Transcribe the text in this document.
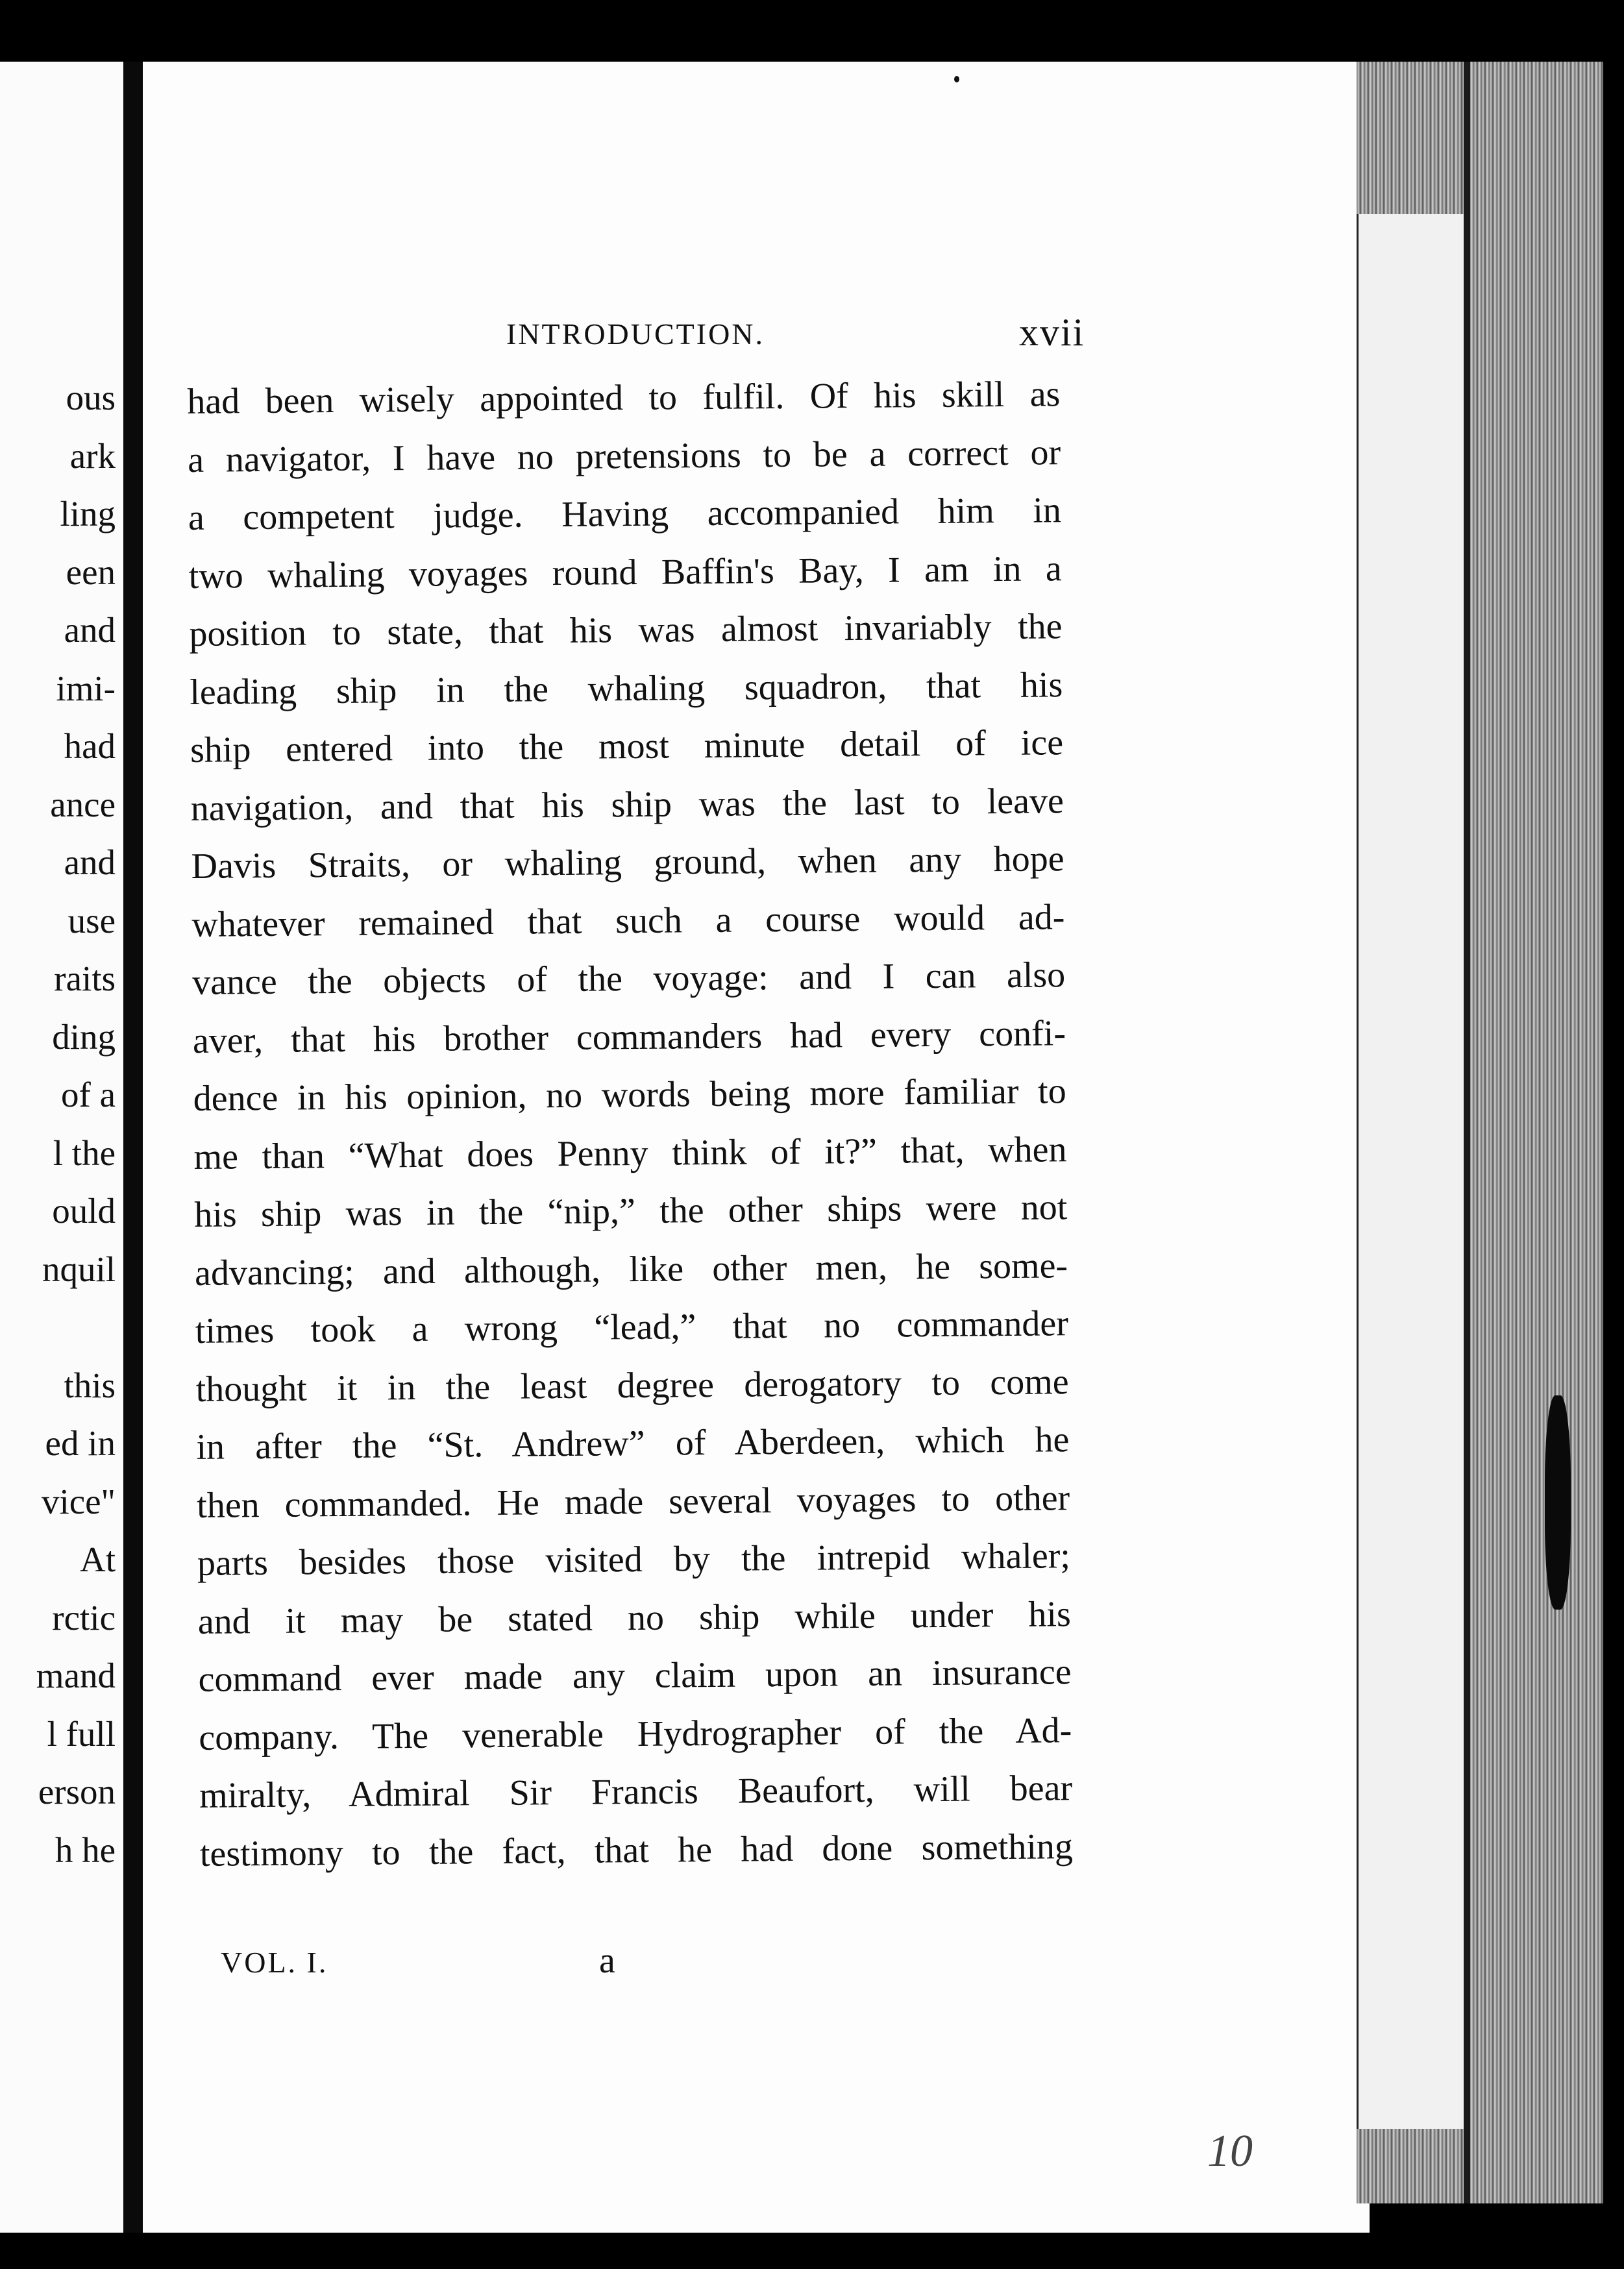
ous
ark
ling
een
and
imi-
had
ance
and
use
raits
ding
of a
l the
ould
nquil
this
ed in
vice"
At
rctic
mand
l full
erson
h he
INTRODUCTION.	xvii
had been wisely appointed to fulfil. Of his skill as
a navigator, I have no pretensions to be a correct or
a competent judge. Having accompanied him in
two whaling voyages round Baffin's Bay, I am in a
position to state, that his was almost invariably the
leading ship in the whaling squadron, that his
ship entered into the most minute detail of ice
navigation, and that his ship was the last to leave
Davis Straits, or whaling ground, when any hope
whatever remained that such a course would ad-
vance the objects of the voyage: and I can also
aver, that his brother commanders had every confi-
dence in his opinion, no words being more familiar to
me than “What does Penny think of it?” that, when
his ship was in the “nip,” the other ships were not
advancing; and although, like other men, he some-
times took a wrong “lead,” that no commander
thought it in the least degree derogatory to come
in after the “St. Andrew” of Aberdeen, which he
then commanded. He made several voyages to other
parts besides those visited by the intrepid whaler;
and it may be stated no ship while under his
command ever made any claim upon an insurance
company. The venerable Hydrographer of the Ad-
miralty, Admiral Sir Francis Beaufort, will bear
testimony to the fact, that he had done something
VOL. I.	a
10
